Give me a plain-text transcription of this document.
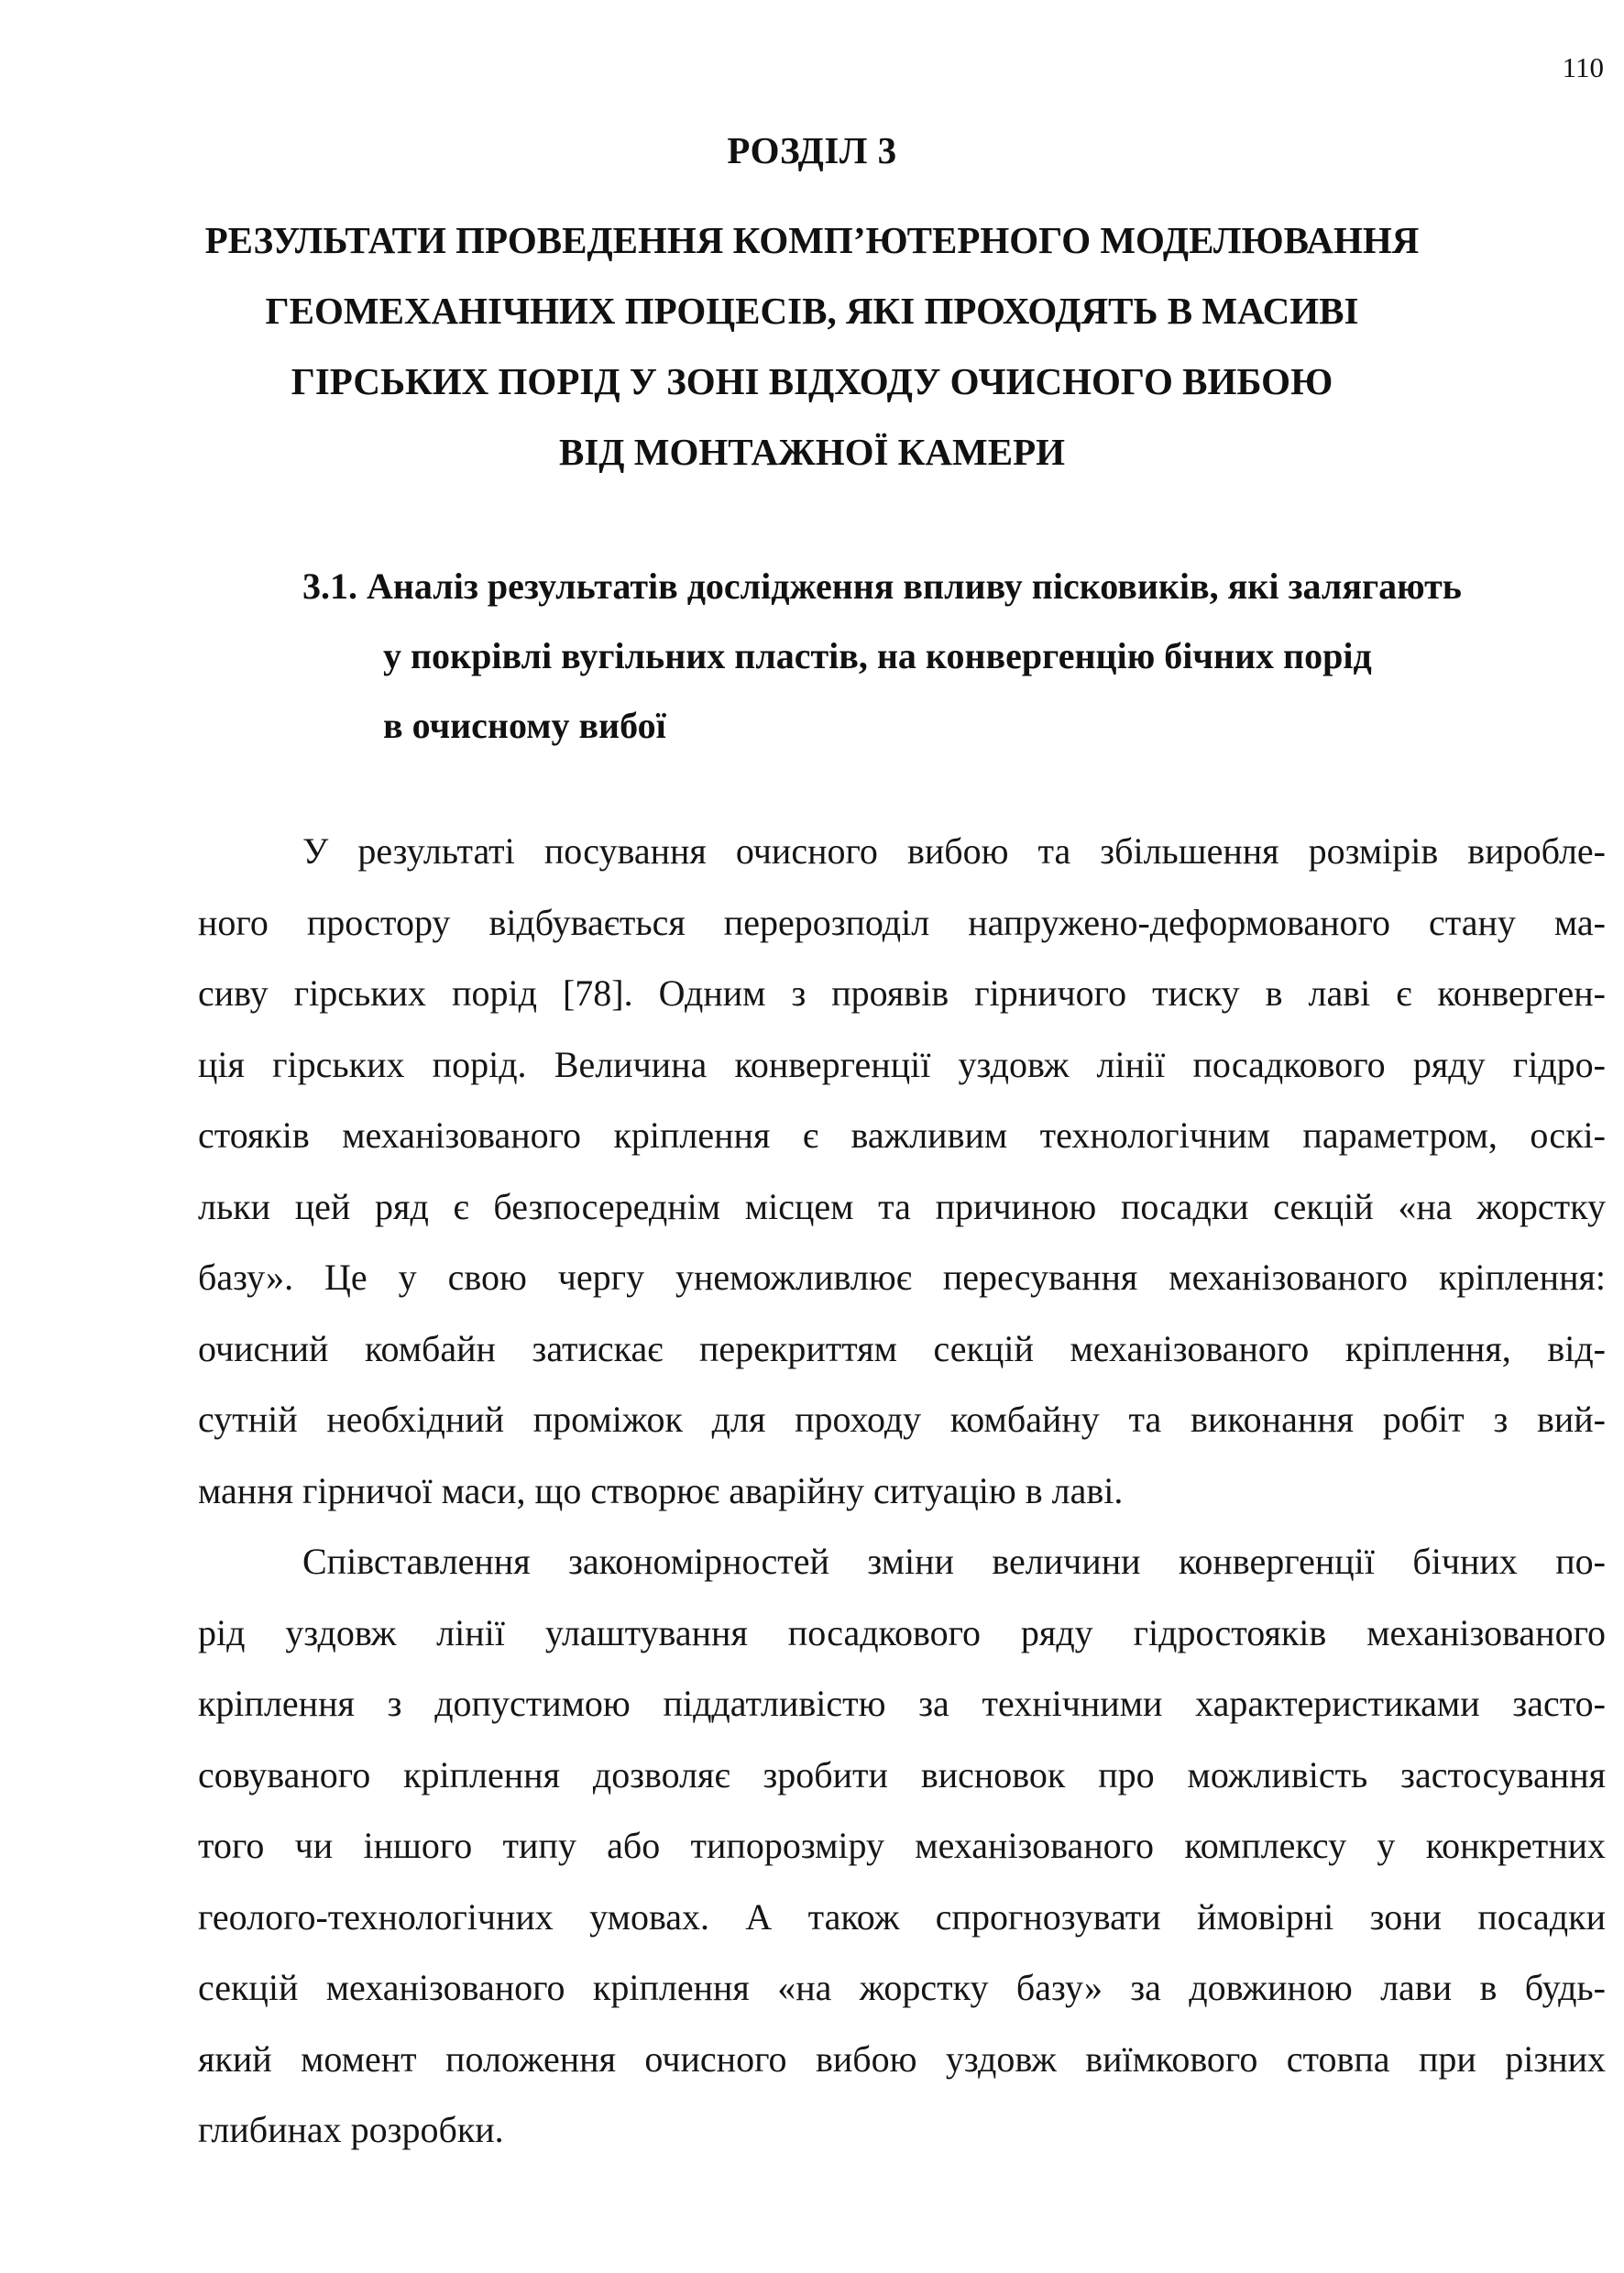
110
РОЗДІЛ 3
РЕЗУЛЬТАТИ ПРОВЕДЕННЯ КОМП’ЮТЕРНОГО МОДЕЛЮВАННЯ
ГЕОМЕХАНІЧНИХ ПРОЦЕСІВ, ЯКІ ПРОХОДЯТЬ В МАСИВІ
ГІРСЬКИХ ПОРІД У ЗОНІ ВІДХОДУ ОЧИСНОГО ВИБОЮ
ВІД МОНТАЖНОЇ КАМЕРИ
3.1. Аналіз результатів дослідження впливу пісковиків, які залягають
у покрівлі вугільних пластів, на конвергенцію бічних порід
в очисному вибої
У результаті посування очисного вибою та збільшення розмірів виробле-
ного простору відбувається перерозподіл напружено-деформованого стану ма-
сиву гірських порід [78]. Одним з проявів гірничого тиску в лаві є конверген-
ція гірських порід. Величина конвергенції уздовж лінії посадкового ряду гідро-
стояків механізованого кріплення є важливим технологічним параметром, оскі-
льки цей ряд є безпосереднім місцем та причиною посадки секцій «на жорстку
базу». Це у свою чергу унеможливлює пересування механізованого кріплення:
очисний комбайн затискає перекриттям секцій механізованого кріплення, від-
сутній необхідний проміжок для проходу комбайну та виконання робіт з вий-
мання гірничої маси, що створює аварійну ситуацію в лаві.
Співставлення закономірностей зміни величини конвергенції бічних по-
рід уздовж лінії улаштування посадкового ряду гідростояків механізованого
кріплення з допустимою піддатливістю за технічними характеристиками засто-
совуваного кріплення дозволяє зробити висновок про можливість застосування
того чи іншого типу або типорозміру механізованого комплексу у конкретних
геолого-технологічних умовах. А також спрогнозувати ймовірні зони посадки
секцій механізованого кріплення «на жорстку базу» за довжиною лави в будь-
який момент положення очисного вибою уздовж виїмкового стовпа при різних
глибинах розробки.
